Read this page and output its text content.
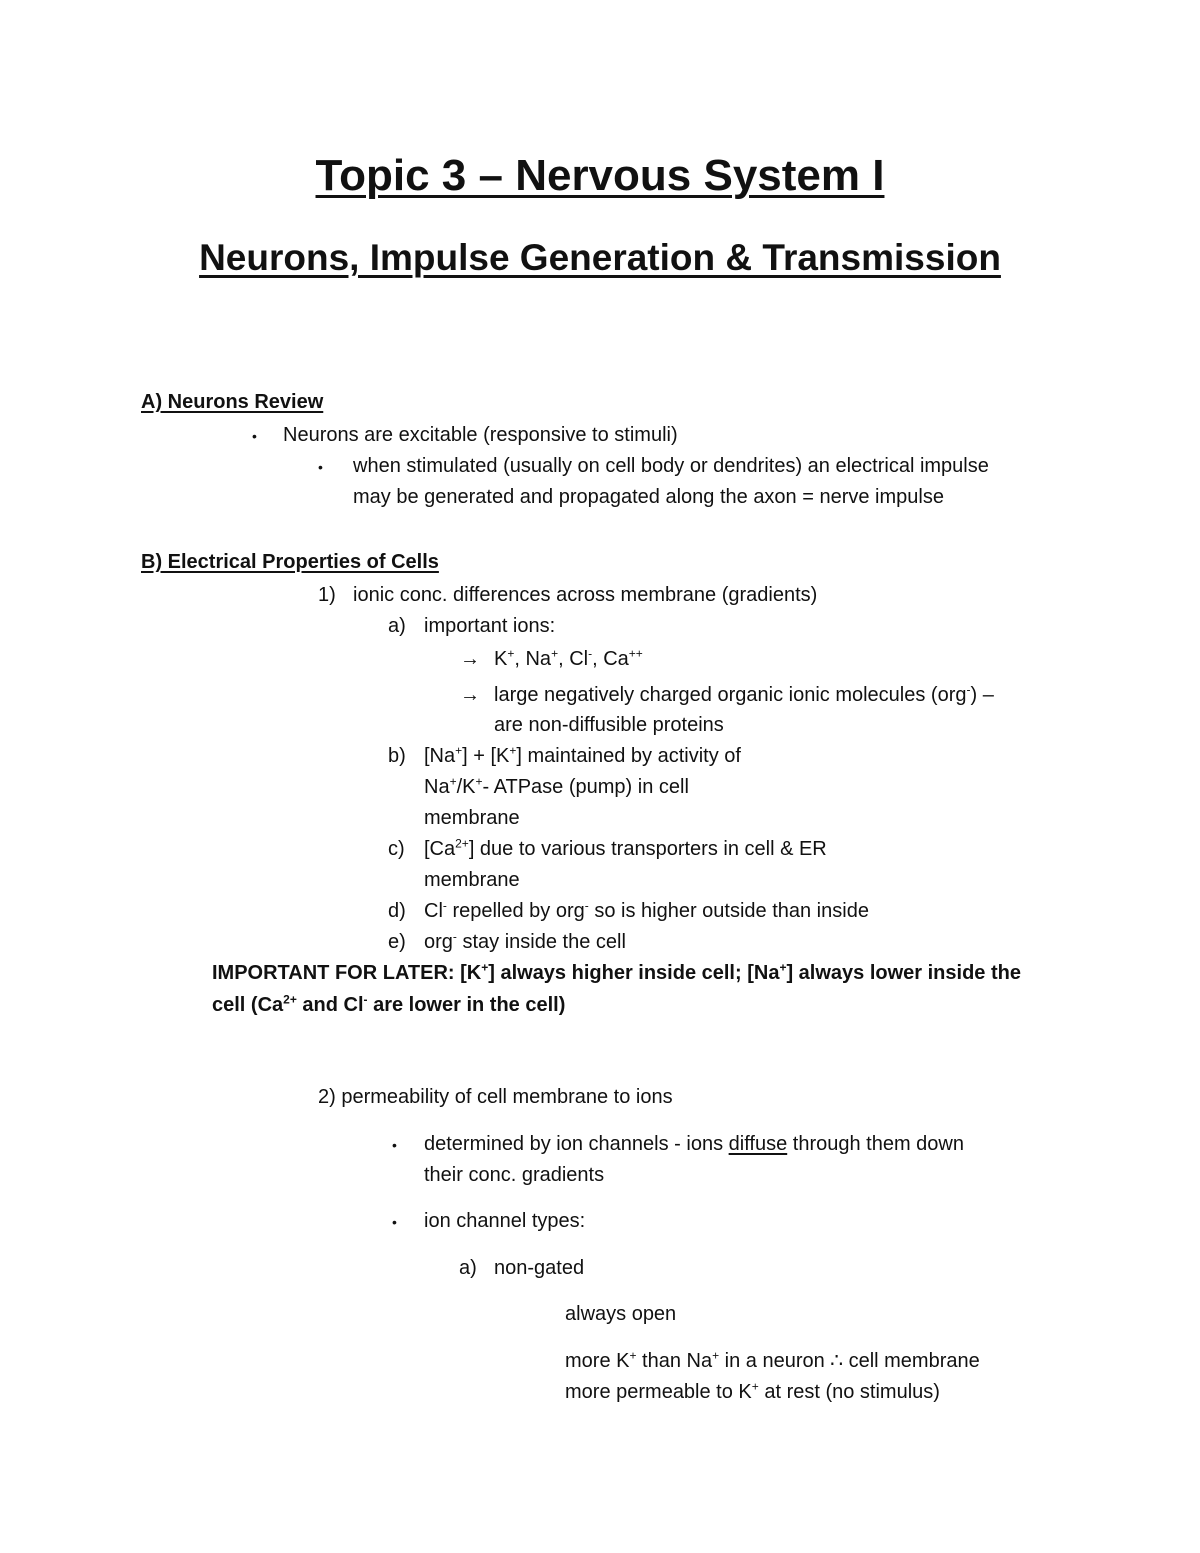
Topic 3 – Nervous System I
Neurons, Impulse Generation & Transmission
A) Neurons Review
• Neurons are excitable (responsive to stimuli)
• when stimulated (usually on cell body or dendrites) an electrical impulse
may be generated and propagated along the axon = nerve impulse
B) Electrical Properties of Cells
1) ionic conc. differences across membrane (gradients)
a) important ions:
→ K+, Na+, Cl-, Ca++
→ large negatively charged organic ionic molecules (org-) –
are non-diffusible proteins
b) [Na+] + [K+] maintained by activity of
Na+/K+- ATPase (pump) in cell
membrane
c) $[Ca^{2+}]$ due to various transporters in cell & ER
membrane
d) Cl- repelled by org- so is higher outside than inside
e) org- stay inside the cell
IMPORTANT FOR LATER: [K+] always higher inside cell; [Na+] always lower inside the
cell ($Ca^{2+}$ and Cl- are lower in the cell)
2) permeability of cell membrane to ions
• determined by ion channels - ions diffuse through them down
their conc. gradients
• ion channel types:
a) non-gated
always open
more K+ than Na+ in a neuron ∴ cell membrane
more permeable to K+ at rest (no stimulus)
